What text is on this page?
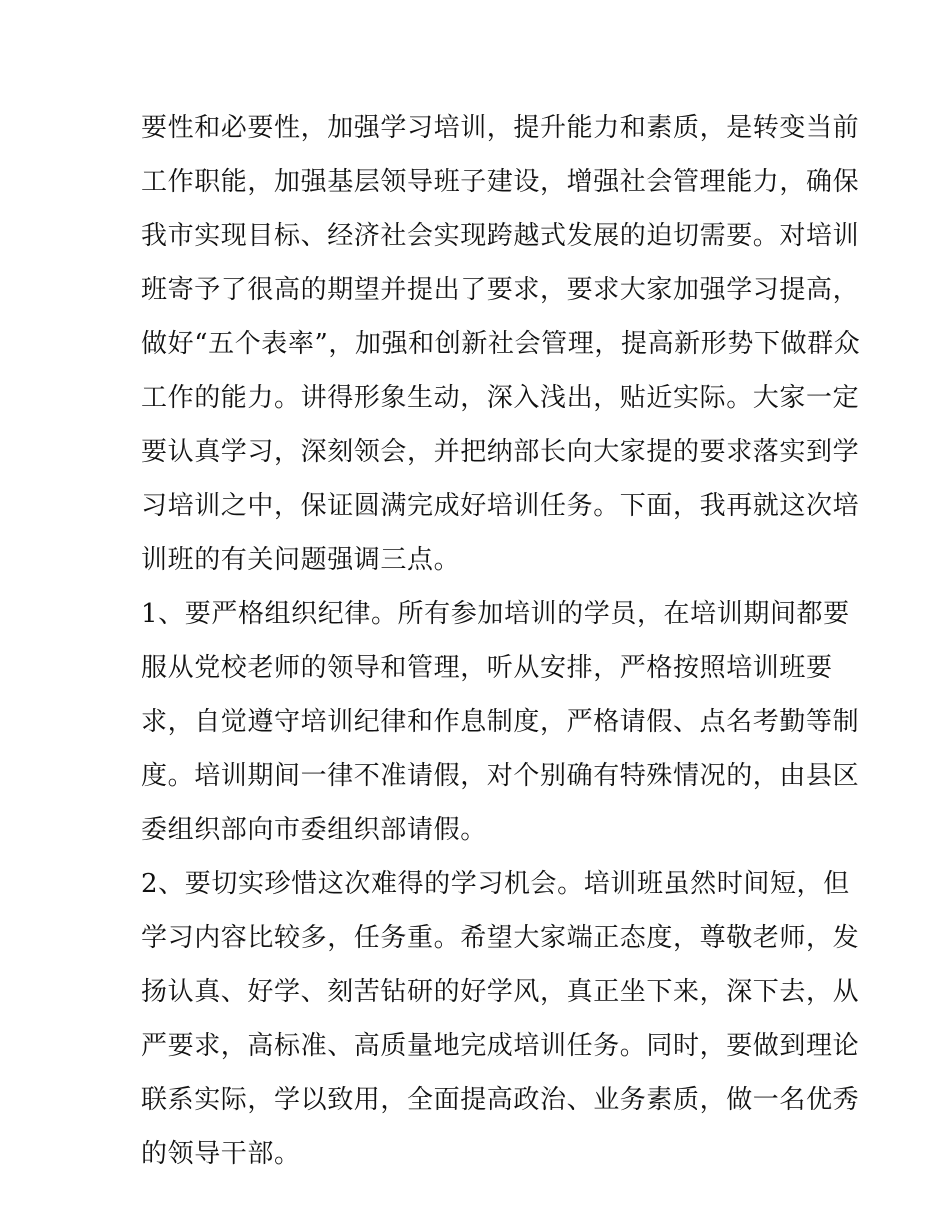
要性和必要性，加强学习培训，提升能力和素质，是转变当前
工作职能，加强基层领导班子建设，增强社会管理能力，确保
我市实现目标、经济社会实现跨越式发展的迫切需要。对培训
班寄予了很高的期望并提出了要求，要求大家加强学习提高，
做好“五个表率”，加强和创新社会管理，提高新形势下做群众
工作的能力。讲得形象生动，深入浅出，贴近实际。大家一定
要认真学习，深刻领会，并把纳部长向大家提的要求落实到学
习培训之中，保证圆满完成好培训任务。下面，我再就这次培
训班的有关问题强调三点。
1、要严格组织纪律。所有参加培训的学员，在培训期间都要
服从党校老师的领导和管理，听从安排，严格按照培训班要
求，自觉遵守培训纪律和作息制度，严格请假、点名考勤等制
度。培训期间一律不准请假，对个别确有特殊情况的，由县区
委组织部向市委组织部请假。
2、要切实珍惜这次难得的学习机会。培训班虽然时间短，但
学习内容比较多，任务重。希望大家端正态度，尊敬老师，发
扬认真、好学、刻苦钻研的好学风，真正坐下来，深下去，从
严要求，高标准、高质量地完成培训任务。同时，要做到理论
联系实际，学以致用，全面提高政治、业务素质，做一名优秀
的领导干部。
